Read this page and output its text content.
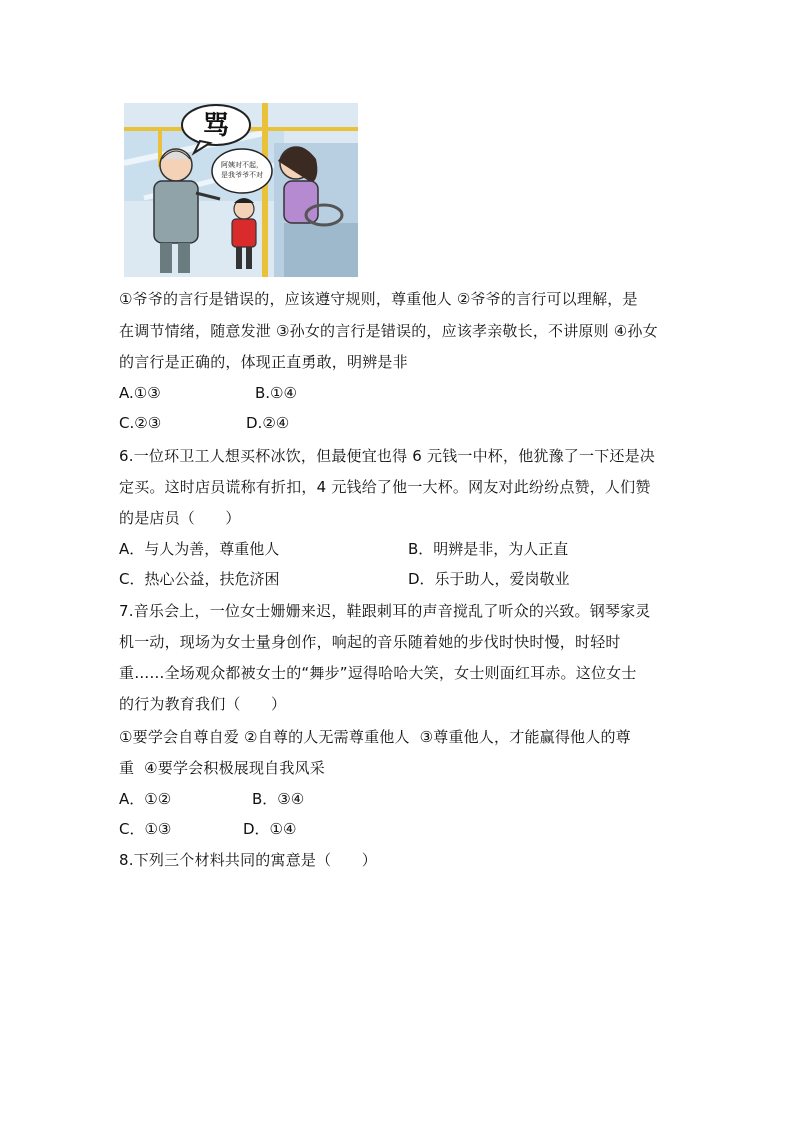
骂
阿姨对不起，
是我爷爷不对
①爷爷的言行是错误的，应该遵守规则，尊重他人 ②爷爷的言行可以理解，是
在调节情绪，随意发泄 ③孙女的言行是错误的，应该孝亲敬长，不讲原则 ④孙女
的言行是正确的，体现正直勇敢，明辨是非
A.①③	B.①④
C.②③	D.②④
6.一位环卫工人想买杯冰饮，但最便宜也得 6 元钱一中杯，他犹豫了一下还是决
定买。这时店员谎称有折扣，4 元钱给了他一大杯。网友对此纷纷点赞，人们赞
的是店员（　　）
A．与人为善，尊重他人	B．明辨是非，为人正直
C．热心公益，扶危济困	D．乐于助人，爱岗敬业
7.音乐会上，一位女士姗姗来迟，鞋跟刺耳的声音搅乱了听众的兴致。钢琴家灵
机一动，现场为女士量身创作，响起的音乐随着她的步伐时快时慢，时轻时
重……全场观众都被女士的“舞步”逗得哈哈大笑，女士则面红耳赤。这位女士
的行为教育我们（　　）
①要学会自尊自爱 ②自尊的人无需尊重他人  ③尊重他人，才能赢得他人的尊
重  ④要学会积极展现自我风采
A．①②	B．③④
C．①③	D．①④
8.下列三个材料共同的寓意是（　　）
